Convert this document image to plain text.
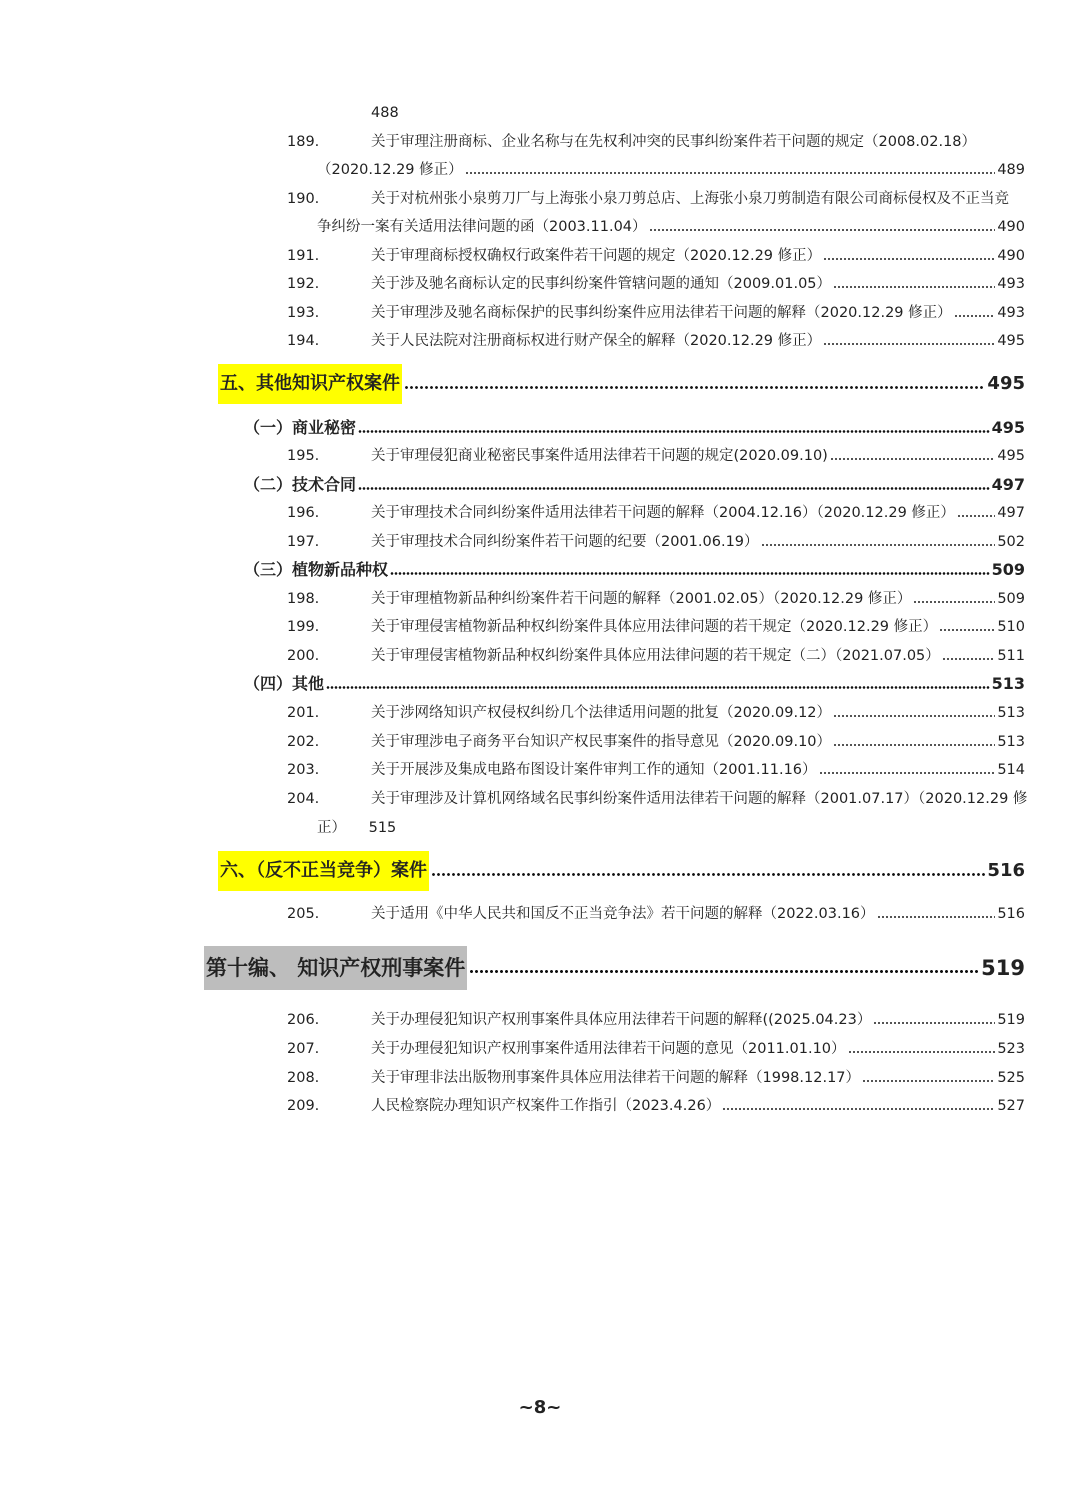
488
189.	关于审理注册商标、企业名称与在先权利冲突的民事纠纷案件若干问题的规定（2008.02.18）
（2020.12.29 修正）	489
190.	关于对杭州张小泉剪刀厂与上海张小泉刀剪总店、上海张小泉刀剪制造有限公司商标侵权及不正当竞
争纠纷一案有关适用法律问题的函（2003.11.04）	490
191.	关于审理商标授权确权行政案件若干问题的规定（2020.12.29 修正）	490
192.	关于涉及驰名商标认定的民事纠纷案件管辖问题的通知（2009.01.05）	493
193.	关于审理涉及驰名商标保护的民事纠纷案件应用法律若干问题的解释（2020.12.29 修正）	493
194.	关于人民法院对注册商标权进行财产保全的解释（2020.12.29 修正）	495
五、其他知识产权案件	495
（一）商业秘密	495
195.	关于审理侵犯商业秘密民事案件适用法律若干问题的规定(2020.09.10)	495
（二）技术合同	497
196.	关于审理技术合同纠纷案件适用法律若干问题的解释（2004.12.16）（2020.12.29 修正）	497
197.	关于审理技术合同纠纷案件若干问题的纪要（2001.06.19）	502
（三）植物新品种权	509
198.	关于审理植物新品种纠纷案件若干问题的解释（2001.02.05）（2020.12.29 修正）	509
199.	关于审理侵害植物新品种权纠纷案件具体应用法律问题的若干规定（2020.12.29 修正）	510
200.	关于审理侵害植物新品种权纠纷案件具体应用法律问题的若干规定（二）（2021.07.05）	511
（四）其他	513
201.	关于涉网络知识产权侵权纠纷几个法律适用问题的批复（2020.09.12）	513
202.	关于审理涉电子商务平台知识产权民事案件的指导意见（2020.09.10）	513
203.	关于开展涉及集成电路布图设计案件审判工作的通知（2001.11.16）	514
204.	关于审理涉及计算机网络域名民事纠纷案件适用法律若干问题的解释（2001.07.17）（2020.12.29 修
正） 515
六、（反不正当竞争）案件	516
205.	关于适用《中华人民共和国反不正当竞争法》若干问题的解释（2022.03.16）	516
第十编、 知识产权刑事案件	519
206.	关于办理侵犯知识产权刑事案件具体应用法律若干问题的解释((2025.04.23）	519
207.	关于办理侵犯知识产权刑事案件适用法律若干问题的意见（2011.01.10）	523
208.	关于审理非法出版物刑事案件具体应用法律若干问题的解释（1998.12.17）	525
209.	人民检察院办理知识产权案件工作指引（2023.4.26）	527
~8~
